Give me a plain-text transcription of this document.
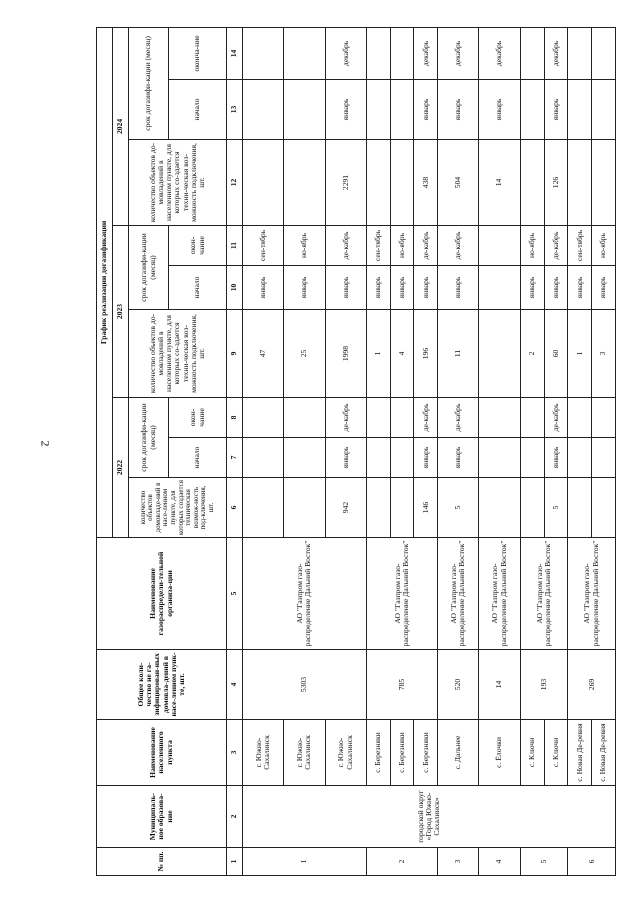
2
№ пп.	Муниципаль-ное образова-ние	Наименование населенного пункта	Общее коли-чество не га-зифицирован-ных домовла-дений в насе-ленном пунк-те, шт.	Наименование газораспредели-тельной организа-ции	График реализации догазификации								
					2022			2023			2024		
					количество объектов домовладе-ний в насе-ленном пункте, для которых создается техническая возмож-ность под-ключения, шт.	срок догазифи-кации (месяц)		количество объектов до-мовладений в населенном пункте, для которых со-здается техни-ческая воз-можность подключения, шт.	срок догазифи-кации (месяц)		количество объектов до-мовладений в населенном пункте, для которых со-здается техни-ческая воз-можность подключения, шт.	срок догазифи-кации (месяц)	
						начало	окон-чание		начало	окон-чание		начало	оконча-ние
1	2	3	4	5	6	7	8	9	10	11	12	13	14
1	городской округ «Город Южно-Сахалинск»	г. Южно-Сахалинск	5303	АО "Газпром газо-распределение Дальний Восток"				47	январь	сен-тябрь			
		г. Южно-Сахалинск						25	январь	но-ябрь			
		г. Южно-Сахалинск			942	январь	де-кабрь	1998	январь	де-кабрь	2291	январь	декабрь
2		с. Березняки	785	АО "Газпром газо-распределение Дальний Восток"				1	январь	сен-тябрь			
		с. Березняки						4	январь	но-ябрь			
		с. Березняки			146	январь	де-кабрь	196	январь	де-кабрь	438	январь	декабрь
3		с. Дальнее	520	АО "Газпром газо-распределение Дальний Восток"	5	январь	де-кабрь	11	январь	де-кабрь	504	январь	декабрь
4		с. Ёлочки	14	АО "Газпром газо-распределение Дальний Восток"							14	январь	декабрь
5		с. Ключи	193	АО "Газпром газо-распределение Дальний Восток"				2	январь	но-ябрь			
		с. Ключи			5	январь	де-кабрь	60	январь	де-кабрь	126	январь	декабрь
6		с. Новая Де-ревня	269	АО "Газпром газо-распределение Дальний Восток"				1	январь	сен-тябрь			
		с. Новая Де-ревня						3	январь	но-ябрь			
